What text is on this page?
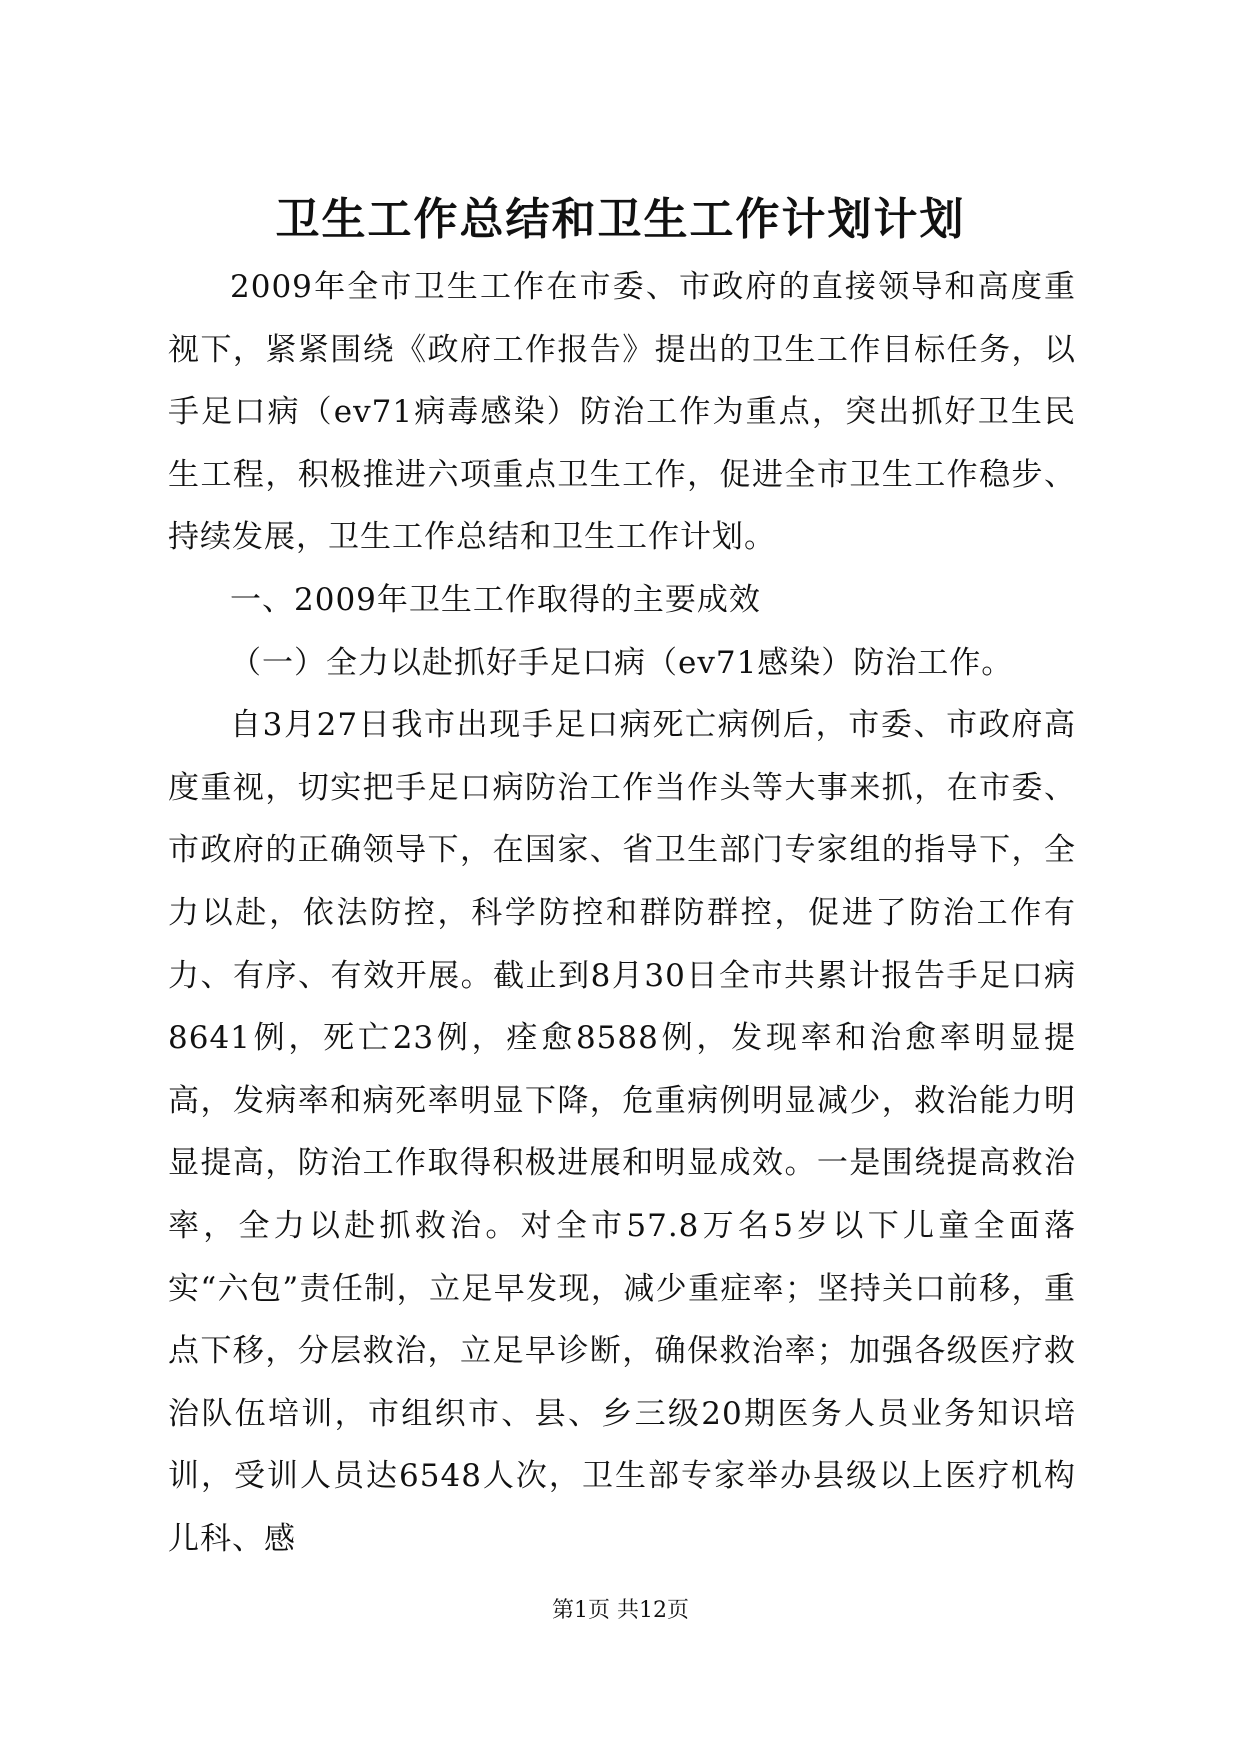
卫生工作总结和卫生工作计划计划

2009年全市卫生工作在市委、市政府的直接领导和高度重视下，紧紧围绕《政府工作报告》提出的卫生工作目标任务，以手足口病（ev71病毒感染）防治工作为重点，突出抓好卫生民生工程，积极推进六项重点卫生工作，促进全市卫生工作稳步、持续发展，卫生工作总结和卫生工作计划。

一、2009年卫生工作取得的主要成效

（一）全力以赴抓好手足口病（ev71感染）防治工作。

自3月27日我市出现手足口病死亡病例后，市委、市政府高度重视，切实把手足口病防治工作当作头等大事来抓，在市委、市政府的正确领导下，在国家、省卫生部门专家组的指导下，全力以赴，依法防控，科学防控和群防群控，促进了防治工作有力、有序、有效开展。截止到8月30日全市共累计报告手足口病8641例，死亡23例，痊愈8588例，发现率和治愈率明显提高，发病率和病死率明显下降，危重病例明显减少，救治能力明显提高，防治工作取得积极进展和明显成效。一是围绕提高救治率，全力以赴抓救治。对全市57.8万名5岁以下儿童全面落实“六包”责任制，立足早发现，减少重症率；坚持关口前移，重点下移，分层救治，立足早诊断，确保救治率；加强各级医疗救治队伍培训，市组织市、县、乡三级20期医务人员业务知识培训，受训人员达6548人次，卫生部专家举办县级以上医疗机构儿科、感

第1页 共12页
